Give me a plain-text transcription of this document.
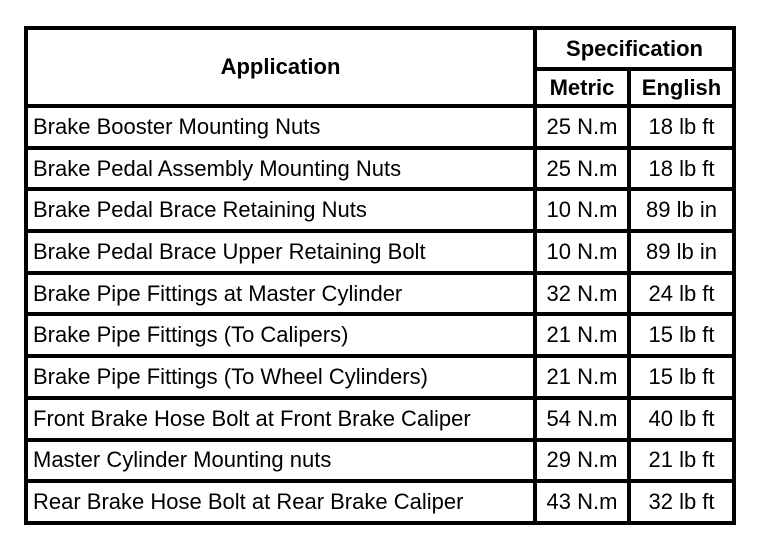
Application	Specification	
	Metric	English
Brake Booster Mounting Nuts	25 N.m	18 lb ft
Brake Pedal Assembly Mounting Nuts	25 N.m	18 lb ft
Brake Pedal Brace Retaining Nuts	10 N.m	89 lb in
Brake Pedal Brace Upper Retaining Bolt	10 N.m	89 lb in
Brake Pipe Fittings at Master Cylinder	32 N.m	24 lb ft
Brake Pipe Fittings (To Calipers)	21 N.m	15 lb ft
Brake Pipe Fittings (To Wheel Cylinders)	21 N.m	15 lb ft
Front Brake Hose Bolt at Front Brake Caliper	54 N.m	40 lb ft
Master Cylinder Mounting nuts	29 N.m	21 lb ft
Rear Brake Hose Bolt at Rear Brake Caliper	43 N.m	32 lb ft
